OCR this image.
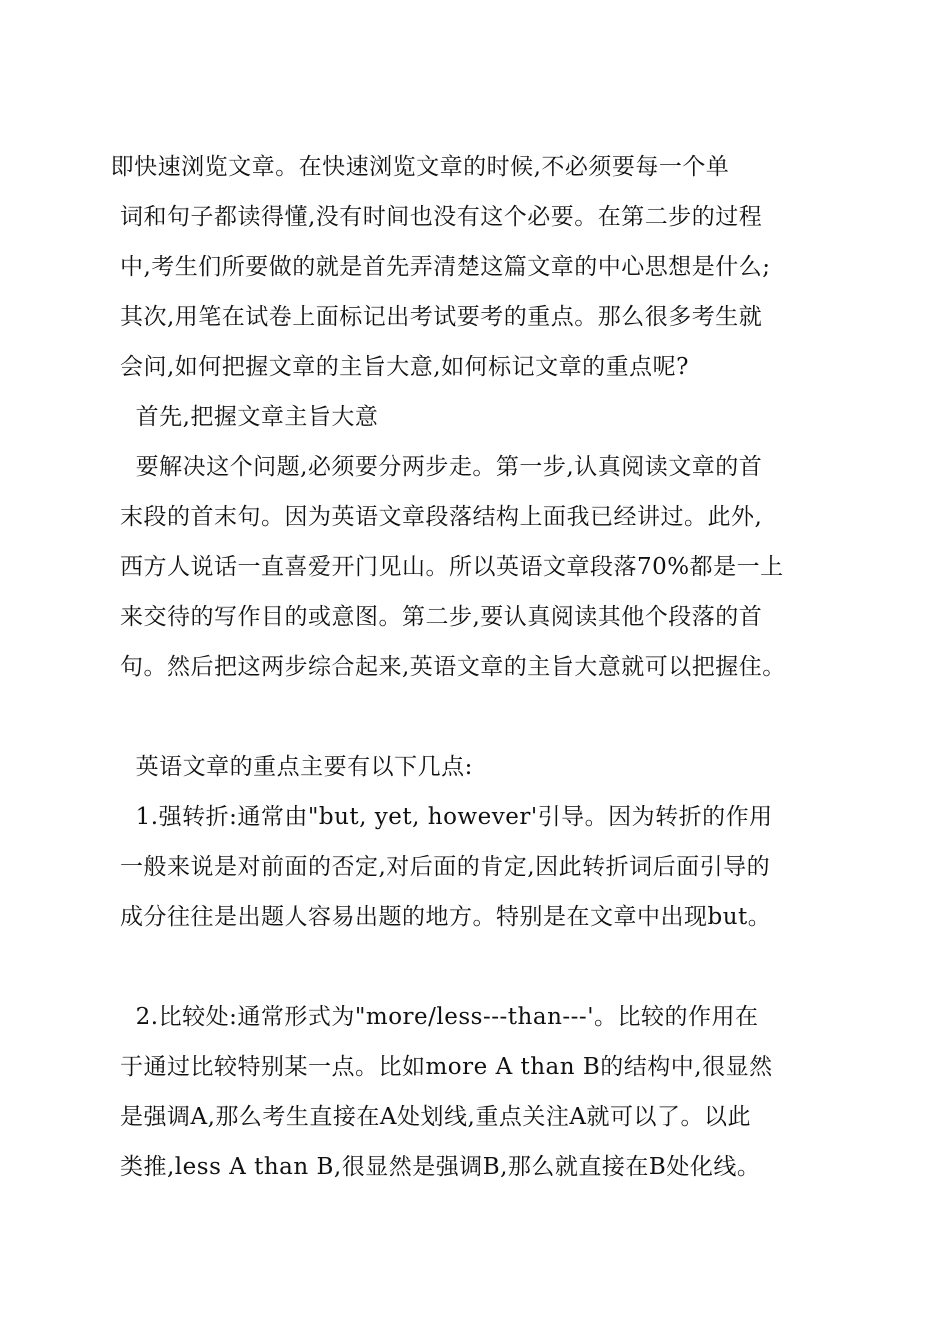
即快速浏览文章。在快速浏览文章的时候,不必须要每一个单
词和句子都读得懂,没有时间也没有这个必要。在第二步的过程
中,考生们所要做的就是首先弄清楚这篇文章的中心思想是什么;
其次,用笔在试卷上面标记出考试要考的重点。那么很多考生就
会问,如何把握文章的主旨大意,如何标记文章的重点呢?
首先,把握文章主旨大意
要解决这个问题,必须要分两步走。第一步,认真阅读文章的首
末段的首末句。因为英语文章段落结构上面我已经讲过。此外,
西方人说话一直喜爱开门见山。所以英语文章段落70%都是一上
来交待的写作目的或意图。第二步,要认真阅读其他个段落的首
句。然后把这两步综合起来,英语文章的主旨大意就可以把握住。
英语文章的重点主要有以下几点:
1.强转折:通常由"but, yet, however'引导。因为转折的作用
一般来说是对前面的否定,对后面的肯定,因此转折词后面引导的
成分往往是出题人容易出题的地方。特别是在文章中出现but。
2.比较处:通常形式为"more/less---than---'。比较的作用在
于通过比较特别某一点。比如more A than B的结构中,很显然
是强调A,那么考生直接在A处划线,重点关注A就可以了。以此
类推,less A than B,很显然是强调B,那么就直接在B处化线。
